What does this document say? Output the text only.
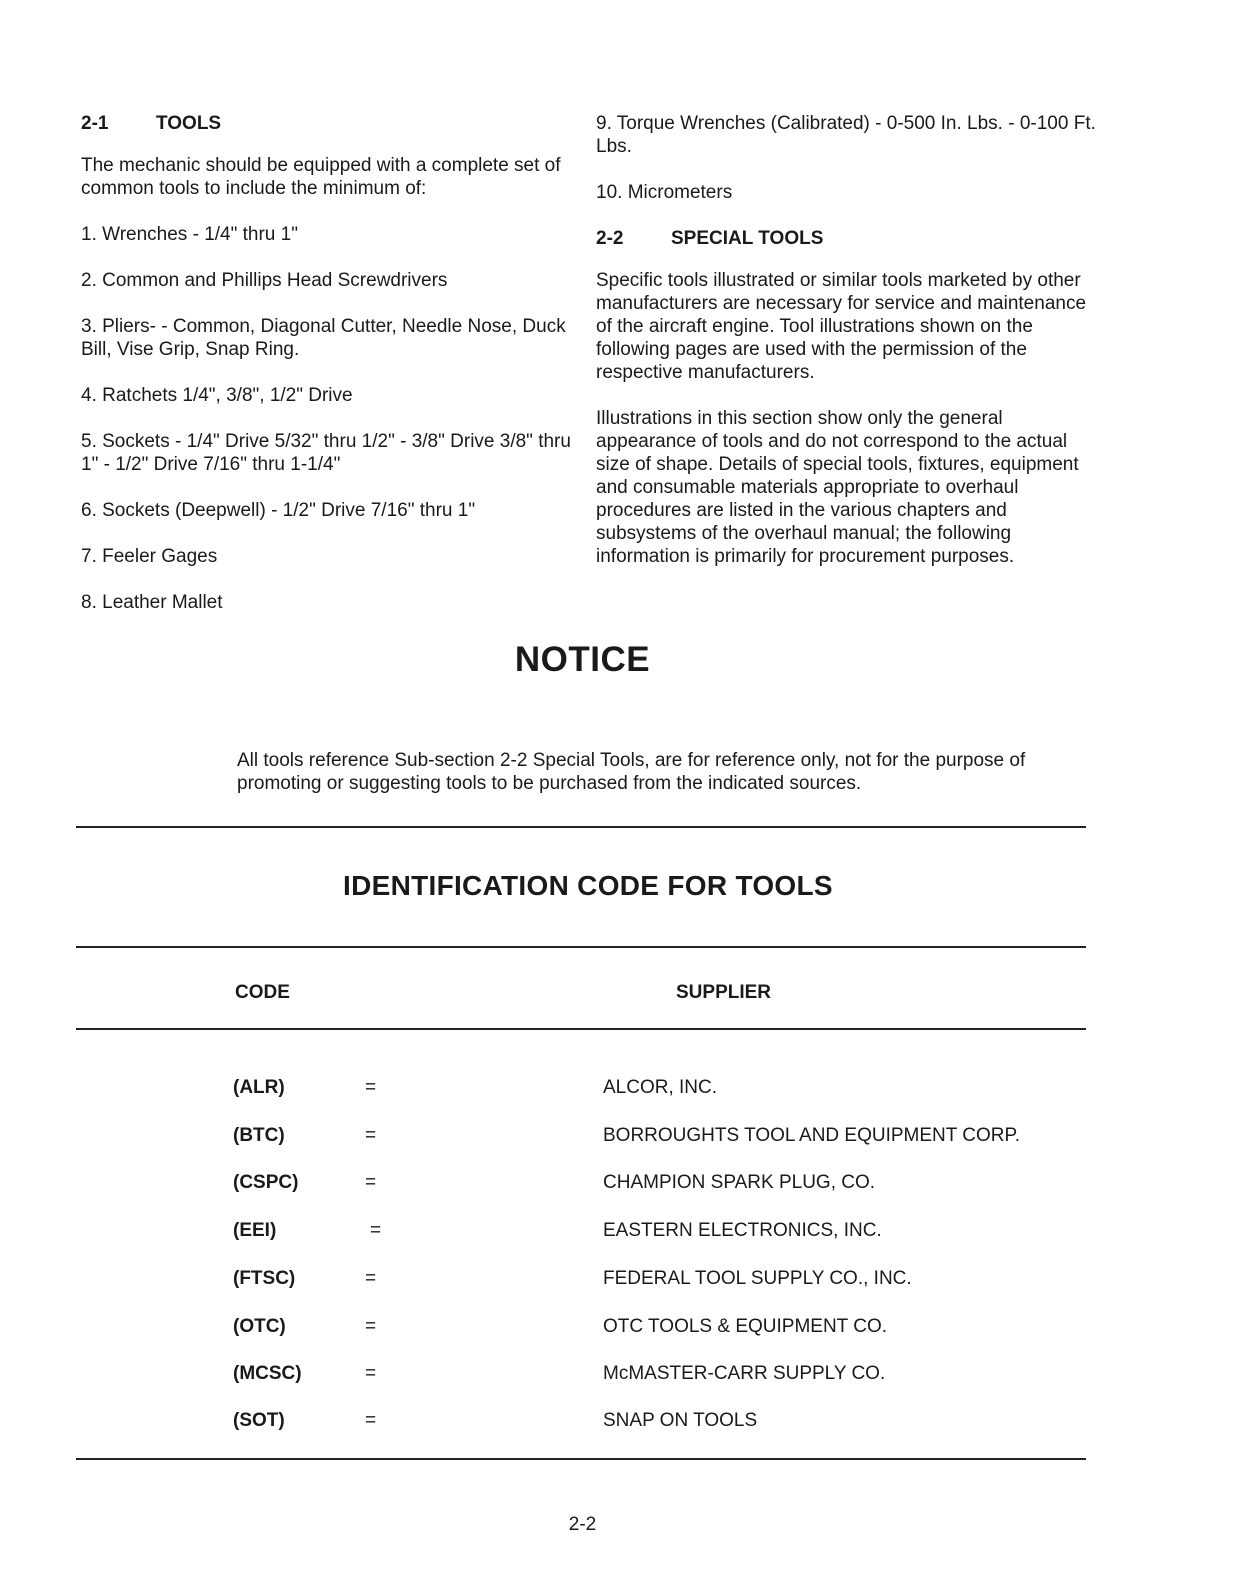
2-1	TOOLS
The mechanic should be equipped with a complete set of common tools to include the minimum of:
1. Wrenches - 1/4" thru 1"
2. Common and Phillips Head Screwdrivers
3. Pliers- - Common, Diagonal Cutter, Needle Nose, Duck Bill, Vise Grip, Snap Ring.
4. Ratchets 1/4", 3/8", 1/2" Drive
5. Sockets - 1/4" Drive 5/32" thru 1/2" - 3/8" Drive 3/8" thru 1" - 1/2" Drive 7/16" thru 1-1/4"
6. Sockets (Deepwell) - 1/2" Drive 7/16" thru 1"
7. Feeler Gages
8. Leather Mallet
9. Torque Wrenches (Calibrated) - 0-500 In. Lbs. - 0-100 Ft. Lbs.
10. Micrometers
2-2	SPECIAL TOOLS
Specific tools illustrated or similar tools marketed by other manufacturers are necessary for service and maintenance of the aircraft engine. Tool illustrations shown on the following pages are used with the permission of the respective manufacturers.
Illustrations in this section show only the general appearance of tools and do not correspond to the actual size of shape. Details of special tools, fixtures, equipment and consumable materials appropriate to overhaul procedures are listed in the various chapters and subsystems of the overhaul manual; the following information is primarily for procurement purposes.
NOTICE
All tools reference Sub-section 2-2 Special Tools, are for reference only, not for the purpose of promoting or suggesting tools to be purchased from the indicated sources.
IDENTIFICATION CODE FOR TOOLS
CODE	SUPPLIER
(ALR)	=	ALCOR, INC.
(BTC)	=	BORROUGHTS TOOL AND EQUIPMENT CORP.
(CSPC)	=	CHAMPION SPARK PLUG, CO.
(EEI)	=	EASTERN ELECTRONICS, INC.
(FTSC)	=	FEDERAL TOOL SUPPLY CO., INC.
(OTC)	=	OTC TOOLS & EQUIPMENT CO.
(MCSC)	=	McMASTER-CARR SUPPLY CO.
(SOT)	=	SNAP ON TOOLS
2-2
